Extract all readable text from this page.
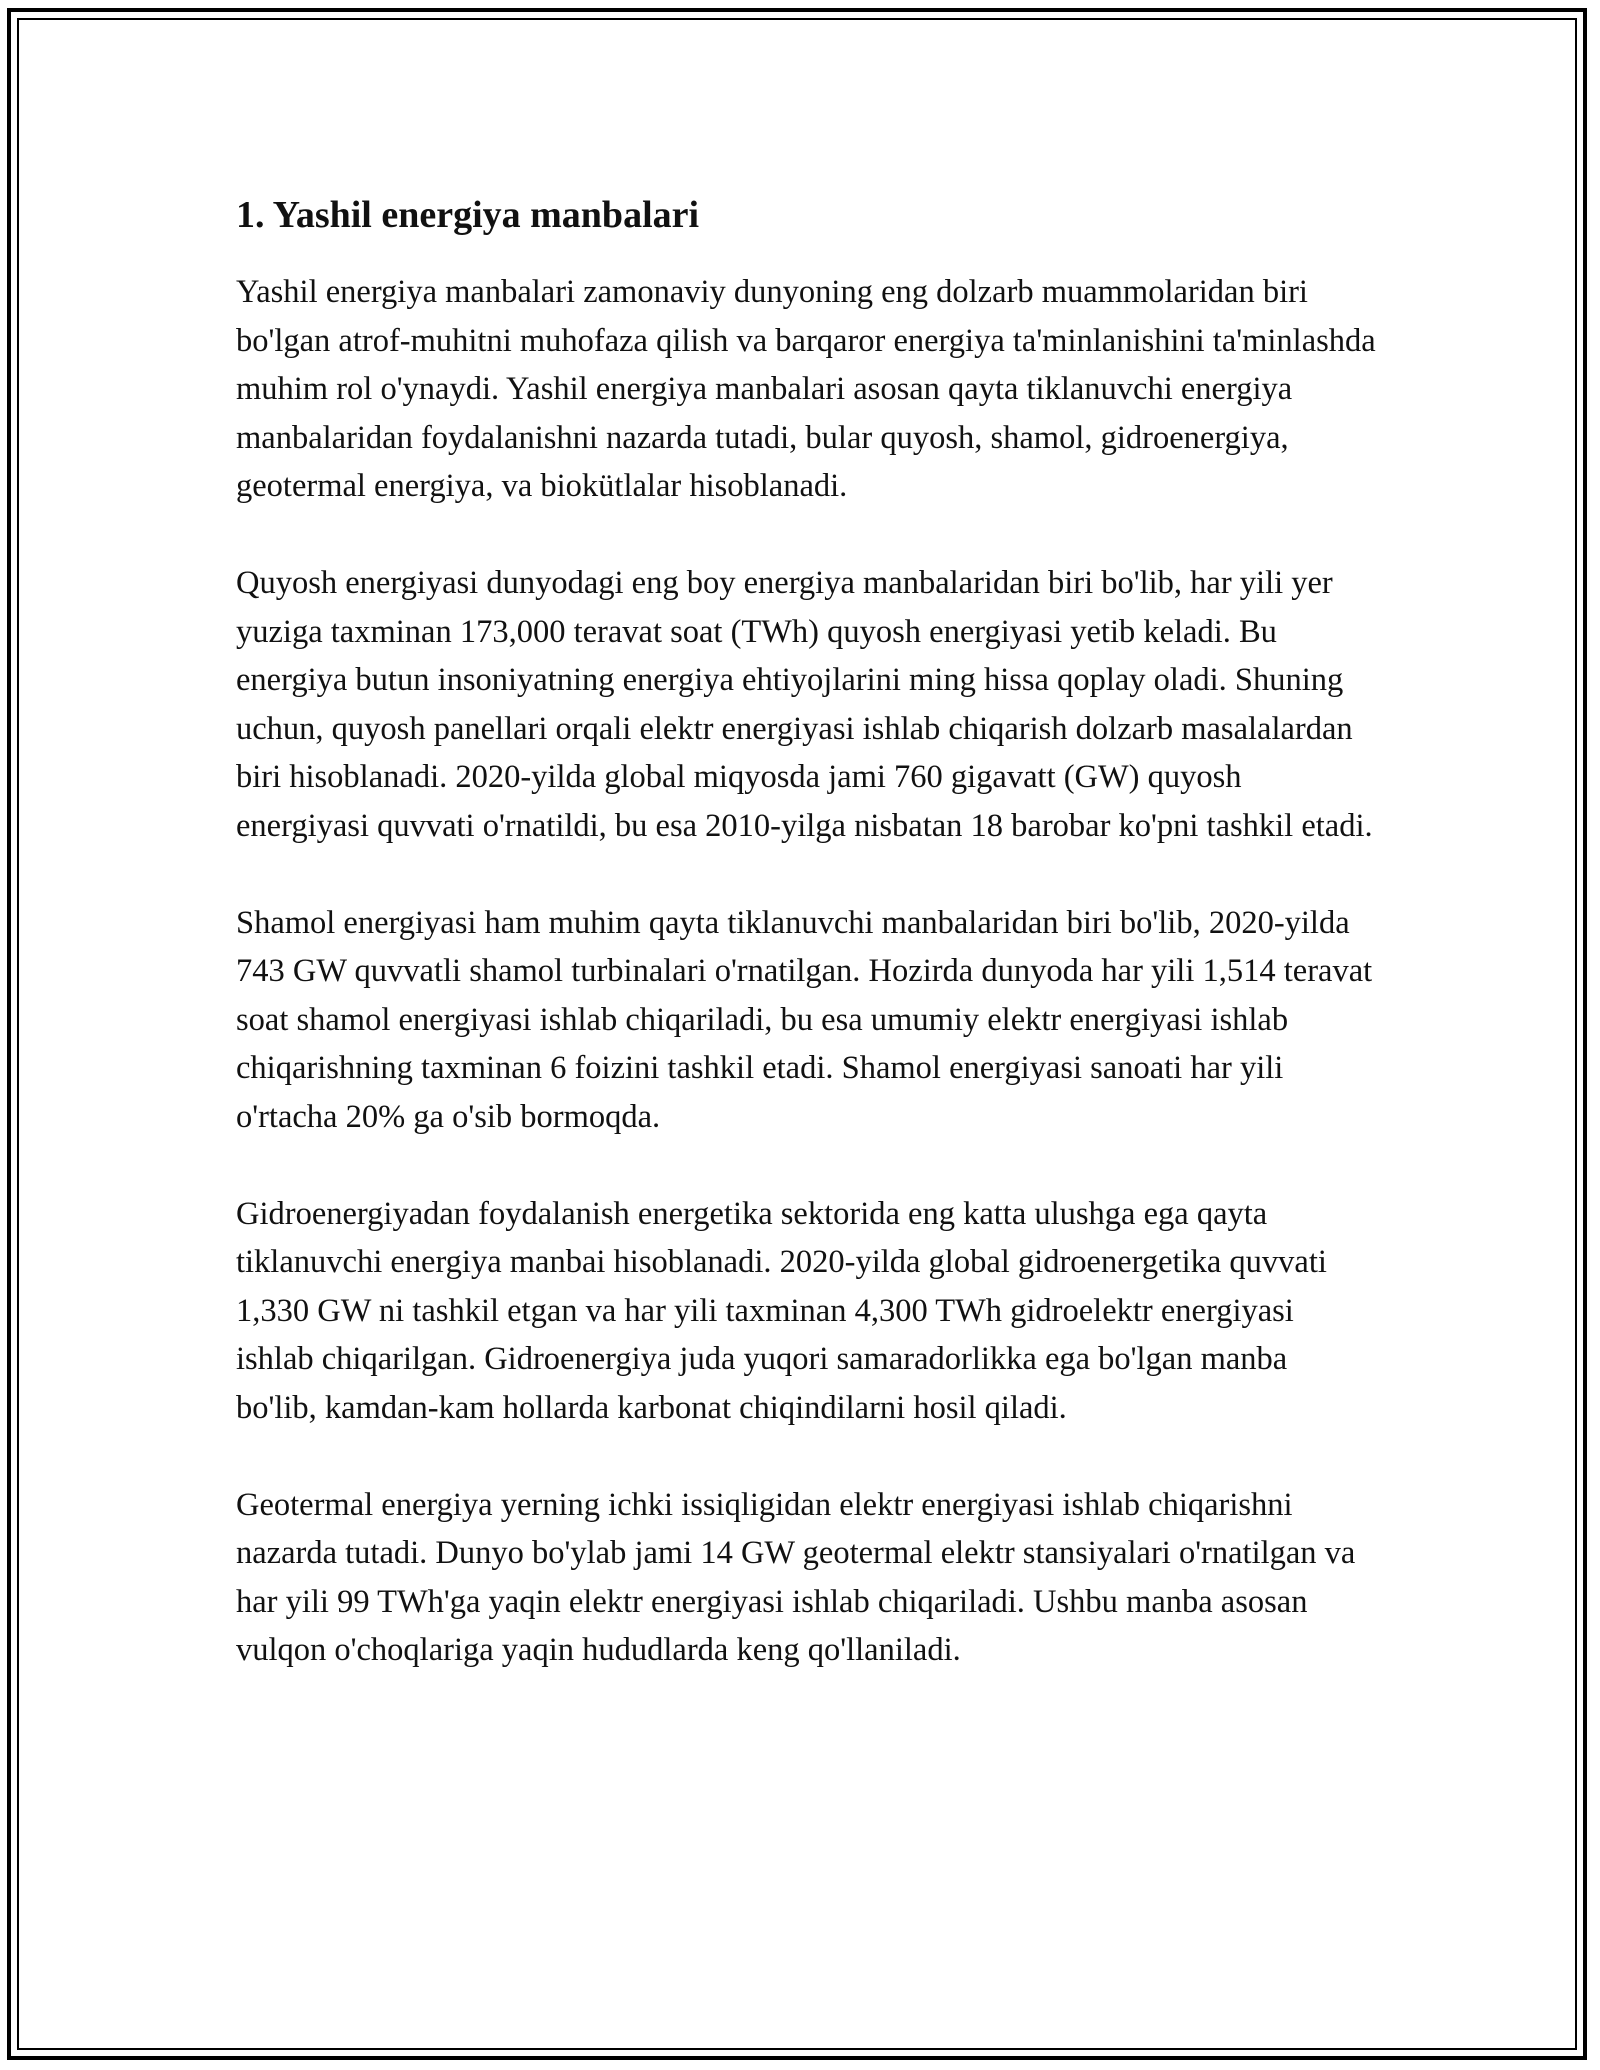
1. Yashil energiya manbalari

Yashil energiya manbalari zamonaviy dunyoning eng dolzarb muammolaridan biri bo'lgan atrof-muhitni muhofaza qilish va barqaror energiya ta'minlanishini ta'minlashda muhim rol o'ynaydi. Yashil energiya manbalari asosan qayta tiklanuvchi energiya manbalaridan foydalanishni nazarda tutadi, bular quyosh, shamol, gidroenergiya, geotermal energiya, va biokütlalar hisoblanadi.

Quyosh energiyasi dunyodagi eng boy energiya manbalaridan biri bo'lib, har yili yer yuziga taxminan 173,000 teravat soat (TWh) quyosh energiyasi yetib keladi. Bu energiya butun insoniyatning energiya ehtiyojlarini ming hissa qoplay oladi. Shuning uchun, quyosh panellari orqali elektr energiyasi ishlab chiqarish dolzarb masalalardan biri hisoblanadi. 2020-yilda global miqyosda jami 760 gigavatt (GW) quyosh energiyasi quvvati o'rnatildi, bu esa 2010-yilga nisbatan 18 barobar ko'pni tashkil etadi.

Shamol energiyasi ham muhim qayta tiklanuvchi manbalaridan biri bo'lib, 2020-yilda 743 GW quvvatli shamol turbinalari o'rnatilgan. Hozirda dunyoda har yili 1,514 teravat soat shamol energiyasi ishlab chiqariladi, bu esa umumiy elektr energiyasi ishlab chiqarishning taxminan 6 foizini tashkil etadi. Shamol energiyasi sanoati har yili o'rtacha 20% ga o'sib bormoqda.

Gidroenergiyadan foydalanish energetika sektorida eng katta ulushga ega qayta tiklanuvchi energiya manbai hisoblanadi. 2020-yilda global gidroenergetika quvvati 1,330 GW ni tashkil etgan va har yili taxminan 4,300 TWh gidroelektr energiyasi ishlab chiqarilgan. Gidroenergiya juda yuqori samaradorlikka ega bo'lgan manba bo'lib, kamdan-kam hollarda karbonat chiqindilarni hosil qiladi.

Geotermal energiya yerning ichki issiqligidan elektr energiyasi ishlab chiqarishni nazarda tutadi. Dunyo bo'ylab jami 14 GW geotermal elektr stansiyalari o'rnatilgan va har yili 99 TWh'ga yaqin elektr energiyasi ishlab chiqariladi. Ushbu manba asosan vulqon o'choqlariga yaqin hududlarda keng qo'llaniladi.
